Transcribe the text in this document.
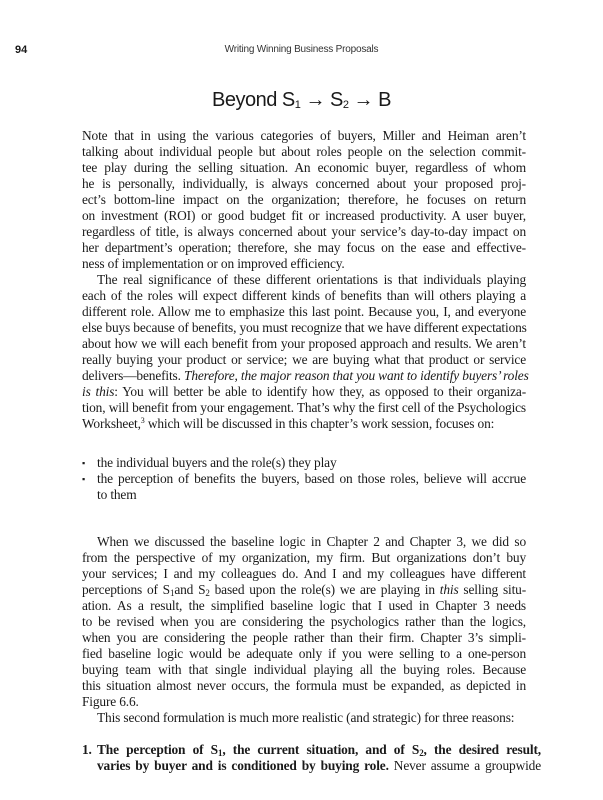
94	Writing Winning Business Proposals
Beyond $S_1 \to S_2 \to B$
Note that in using the various categories of buyers, Miller and Heiman aren’t
talking about individual people but about roles people on the selection commit-
tee play during the selling situation. An economic buyer, regardless of whom
he is personally, individually, is always concerned about your proposed proj-
ect’s bottom-line impact on the organization; therefore, he focuses on return
on investment (ROI) or good budget fit or increased productivity. A user buyer,
regardless of title, is always concerned about your service’s day-to-day impact on
her department’s operation; therefore, she may focus on the ease and effective-
ness of implementation or on improved efficiency.
The real significance of these different orientations is that individuals playing
each of the roles will expect different kinds of benefits than will others playing a
different role. Allow me to emphasize this last point. Because you, I, and everyone
else buys because of benefits, you must recognize that we have different expectations
about how we will each benefit from your proposed approach and results. We aren’t
really buying your product or service; we are buying what that product or service
delivers—benefits. Therefore, the major reason that you want to identify buyers’ roles
is this: You will better be able to identify how they, as opposed to their organiza-
tion, will benefit from your engagement. That’s why the first cell of the Psychologics
Worksheet,$^3$ which will be discussed in this chapter’s work session, focuses on:
▪ the individual buyers and the role(s) they play
▪ the perception of benefits the buyers, based on those roles, believe will accrue
to them
When we discussed the baseline logic in Chapter 2 and Chapter 3, we did so
from the perspective of my organization, my firm. But organizations don’t buy
your services; I and my colleagues do. And I and my colleagues have different
perceptions of $S_1and$ $S_2$ based upon the role(s) we are playing in this selling situ-
ation. As a result, the simplified baseline logic that I used in Chapter 3 needs
to be revised when you are considering the psychologics rather than the logics,
when you are considering the people rather than their firm. Chapter 3’s simpli-
fied baseline logic would be adequate only if you were selling to a one-person
buying team with that single individual playing all the buying roles. Because
this situation almost never occurs, the formula must be expanded, as depicted in
Figure 6.6.
This second formulation is much more realistic (and strategic) for three reasons:
1. The perception of $S_1$, the current situation, and of $S_2$, the desired result,
varies by buyer and is conditioned by buying role. Never assume a groupwide
